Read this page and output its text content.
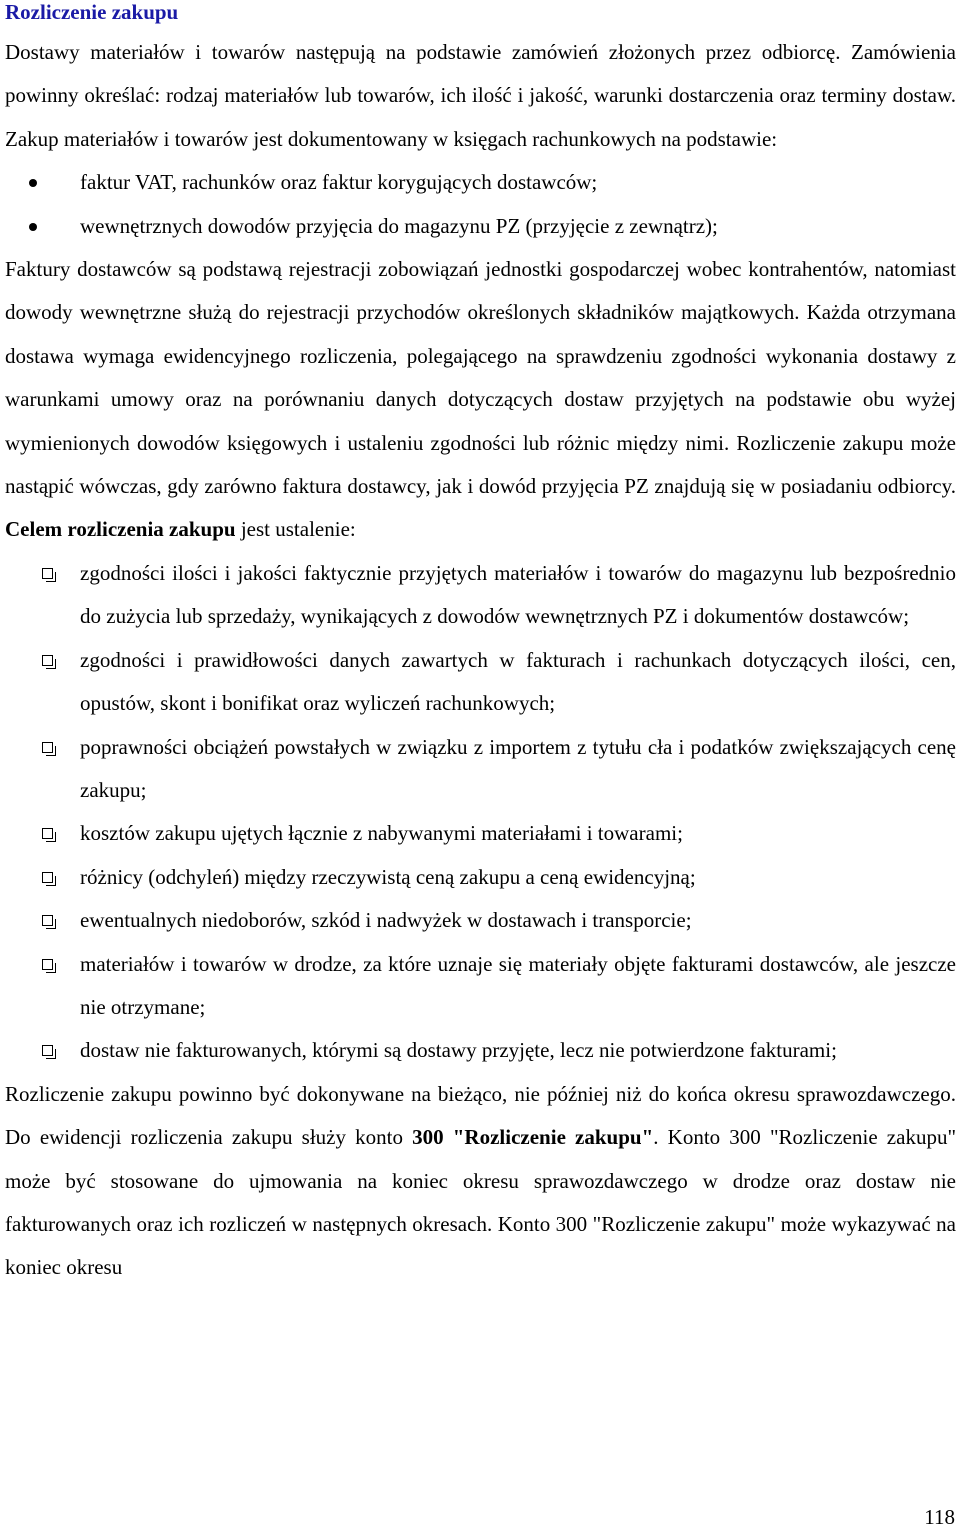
Rozliczenie zakupu

Dostawy materiałów i towarów następują na podstawie zamówień złożonych przez odbiorcę. Zamówienia powinny określać: rodzaj materiałów lub towarów, ich ilość i jakość, warunki dostarczenia oraz terminy dostaw. Zakup materiałów i towarów jest dokumentowany w księgach rachunkowych na podstawie:

faktur VAT, rachunków oraz faktur korygujących dostawców;
wewnętrznych dowodów przyjęcia do magazynu PZ (przyjęcie z zewnątrz);

Faktury dostawców są podstawą rejestracji zobowiązań jednostki gospodarczej wobec kontrahentów, natomiast dowody wewnętrzne służą do rejestracji przychodów określonych składników majątkowych. Każda otrzymana dostawa wymaga ewidencyjnego rozliczenia, polegającego na sprawdzeniu zgodności wykonania dostawy z warunkami umowy oraz na porównaniu danych dotyczących dostaw przyjętych na podstawie obu wyżej wymienionych dowodów księgowych i ustaleniu zgodności lub różnic między nimi. Rozliczenie zakupu może nastąpić wówczas, gdy zarówno faktura dostawcy, jak i dowód przyjęcia PZ znajdują się w posiadaniu odbiorcy. Celem rozliczenia zakupu jest ustalenie:

zgodności ilości i jakości faktycznie przyjętych materiałów i towarów do magazynu lub bezpośrednio do zużycia lub sprzedaży, wynikających z dowodów wewnętrznych PZ i dokumentów dostawców;
zgodności i prawidłowości danych zawartych w fakturach i rachunkach dotyczących ilości, cen, opustów, skont i bonifikat oraz wyliczeń rachunkowych;
poprawności obciążeń powstałych w związku z importem z tytułu cła i podatków zwiększających cenę zakupu;
kosztów zakupu ujętych łącznie z nabywanymi materiałami i towarami;
różnicy (odchyleń) między rzeczywistą ceną zakupu a ceną ewidencyjną;
ewentualnych niedoborów, szkód i nadwyżek w dostawach i transporcie;
materiałów i towarów w drodze, za które uznaje się materiały objęte fakturami dostawców, ale jeszcze nie otrzymane;
dostaw nie fakturowanych, którymi są dostawy przyjęte, lecz nie potwierdzone fakturami;

Rozliczenie zakupu powinno być dokonywane na bieżąco, nie później niż do końca okresu sprawozdawczego. Do ewidencji rozliczenia zakupu służy konto 300 "Rozliczenie zakupu". Konto 300 "Rozliczenie zakupu" może być stosowane do ujmowania na koniec okresu sprawozdawczego w drodze oraz dostaw nie fakturowanych oraz ich rozliczeń w następnych okresach. Konto 300 "Rozliczenie zakupu" może wykazywać na koniec okresu

118
